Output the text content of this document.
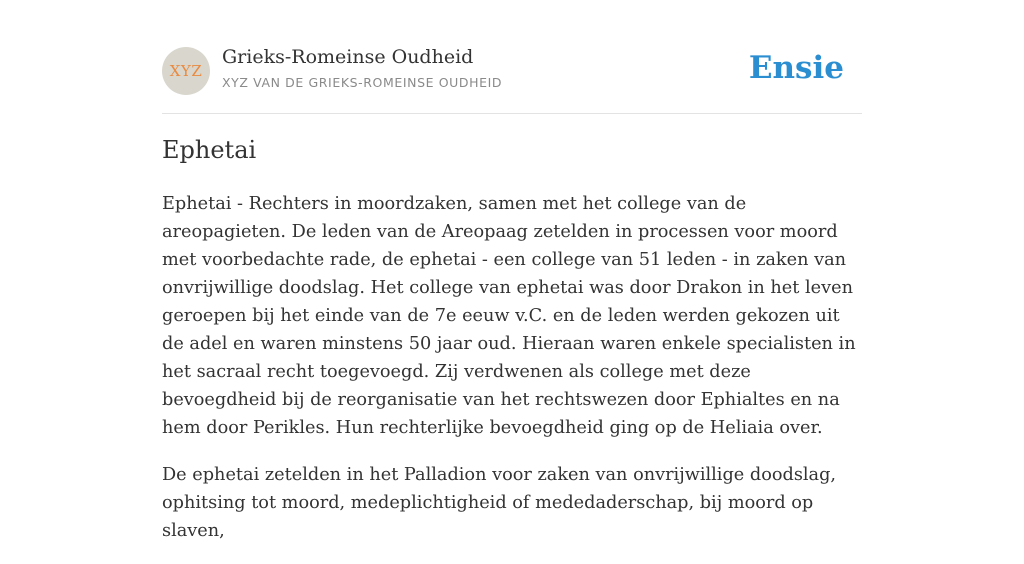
XYZ
Grieks-Romeinse Oudheid
XYZ VAN DE GRIEKS-ROMEINSE OUDHEID	Ensie
Ephetai

Ephetai - Rechters in moordzaken, samen met het college van de areopagieten. De leden van de Areopaag zetelden in processen voor moord met voorbedachte rade, de ephetai - een college van 51 leden - in zaken van onvrijwillige doodslag. Het college van ephetai was door Drakon in het leven geroepen bij het einde van de 7e eeuw v.C. en de leden werden gekozen uit de adel en waren minstens 50 jaar oud. Hieraan waren enkele specialisten in het sacraal recht toegevoegd. Zij verdwenen als college met deze bevoegdheid bij de reorganisatie van het rechtswezen door Ephialtes en na hem door Perikles. Hun rechterlijke bevoegdheid ging op de Heliaia over.

De ephetai zetelden in het Palladion voor zaken van onvrijwillige doodslag, ophitsing tot moord, medeplichtigheid of mededaderschap, bij moord op slaven,
